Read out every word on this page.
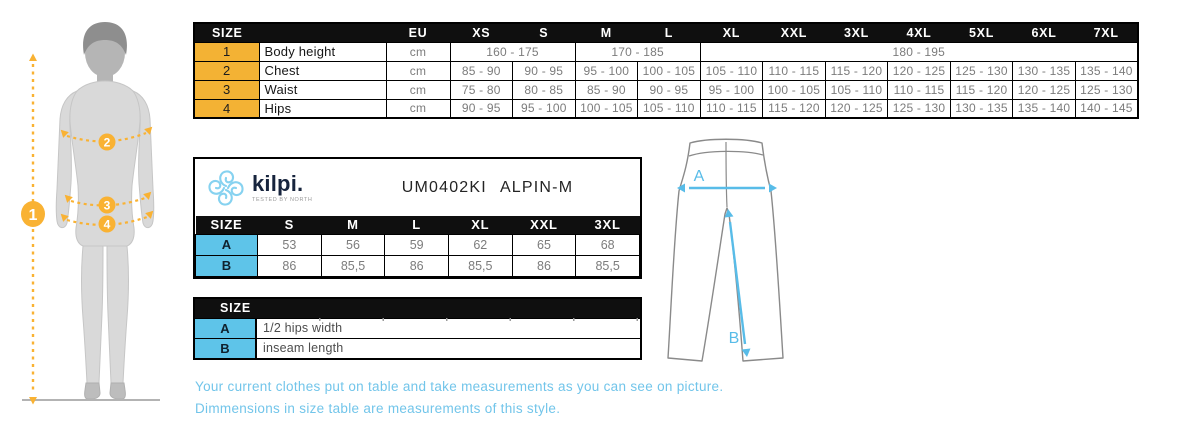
1
2
3
4
SIZE		EU	XS	S	M	L	XL	XXL	3XL	4XL	5XL	6XL	7XL
1	Body height	cm	160 - 175		170 - 185		180 - 195						
2	Chest	cm	85 - 90	90 - 95	95 - 100	100 - 105	105 - 110	110 - 115	115 - 120	120 - 125	125 - 130	130 - 135	135 - 140
3	Waist	cm	75 - 80	80 - 85	85 - 90	90 - 95	95 - 100	100 - 105	105 - 110	110 - 115	115 - 120	120 - 125	125 - 130
4	Hips	cm	90 - 95	95 - 100	100 - 105	105 - 110	110 - 115	115 - 120	120 - 125	125 - 130	130 - 135	135 - 140	140 - 145
kilpi.
TESTED BY NORTH
UM0402KI ALPIN-M
SIZE	S	M	L	XL	XXL	3XL
A	53	56	59	62	65	68
B	86	85,5	86	85,5	86	85,5
SIZE
A	1/2 hips width
B	inseam length
A
B
Your current clothes put on table and take measurements as you can see on picture.
Dimmensions in size table are measurements of this style.
